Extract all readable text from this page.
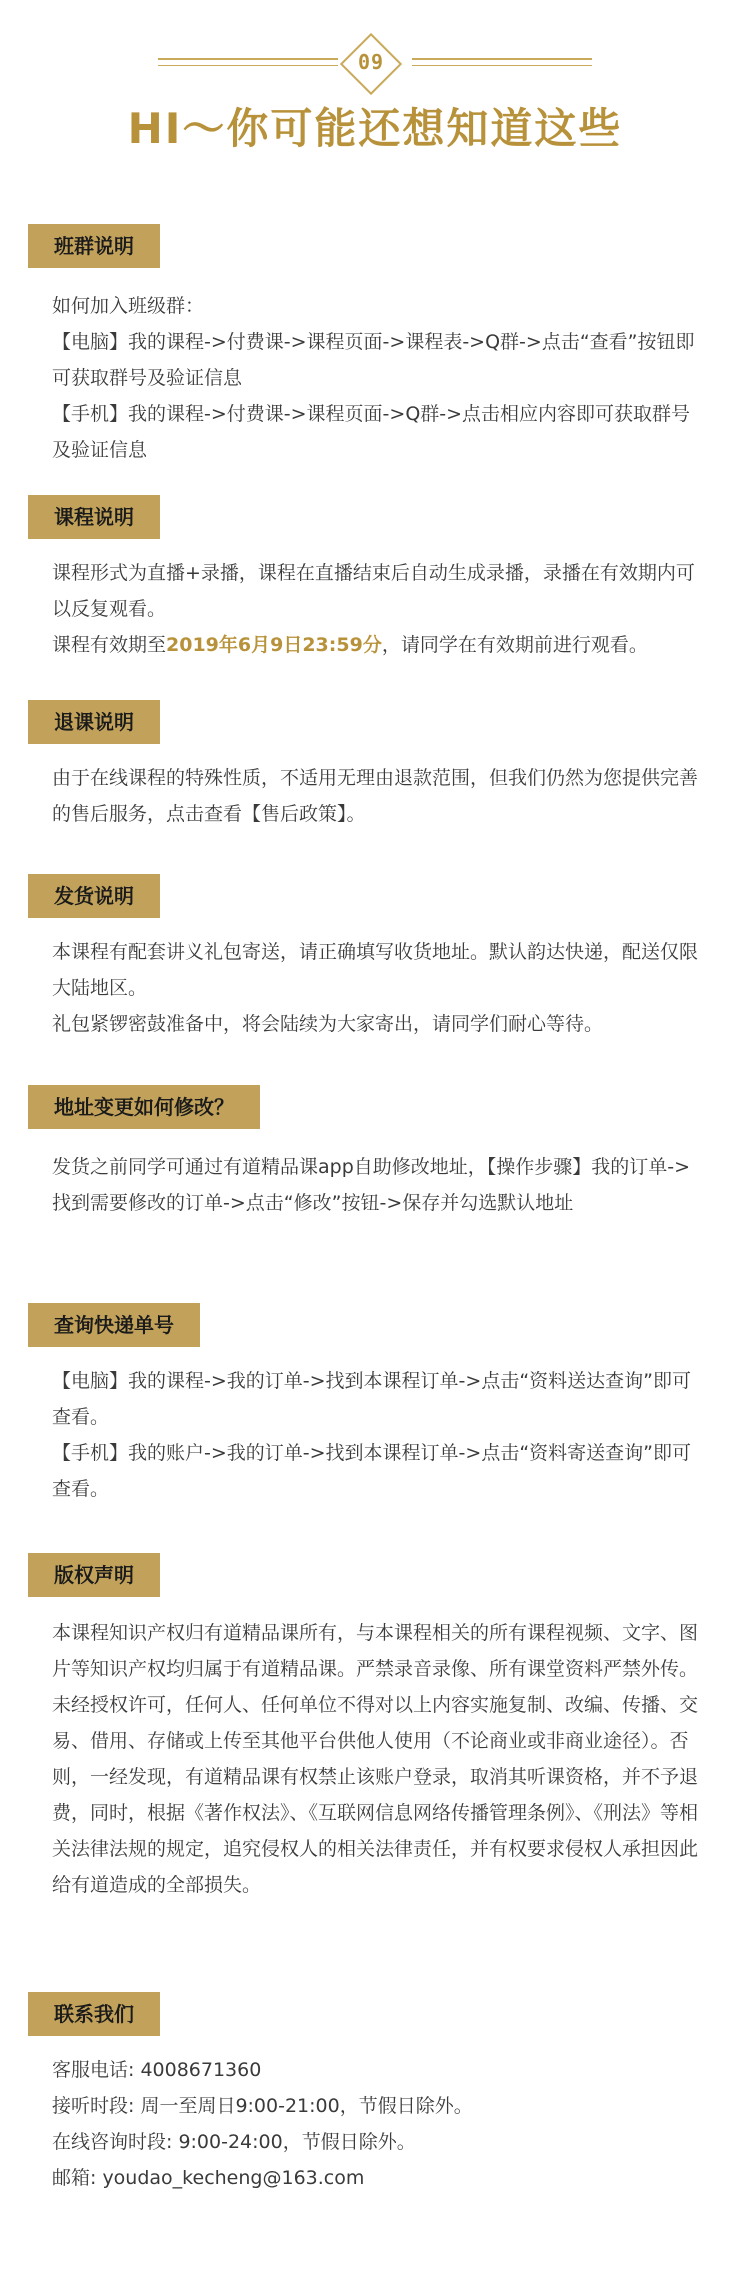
09
HI～你可能还想知道这些
班群说明

如何加入班级群：

【电脑】我的课程->付费课->课程页面->课程表->Q群->点击“查看”按钮即可获取群号及验证信息

【手机】我的课程->付费课->课程页面->Q群->点击相应内容即可获取群号及验证信息

课程说明

课程形式为直播+录播，课程在直播结束后自动生成录播，录播在有效期内可以反复观看。

课程有效期至2019年6月9日23:59分，请同学在有效期前进行观看。

退课说明

由于在线课程的特殊性质，不适用无理由退款范围，但我们仍然为您提供完善的售后服务，点击查看【售后政策】。

发货说明

本课程有配套讲义礼包寄送，请正确填写收货地址。默认韵达快递，配送仅限大陆地区。

礼包紧锣密鼓准备中，将会陆续为大家寄出，请同学们耐心等待。

地址变更如何修改？

发货之前同学可通过有道精品课app自助修改地址，【操作步骤】我的订单->找到需要修改的订单->点击“修改”按钮->保存并勾选默认地址

查询快递单号

【电脑】我的课程->我的订单->找到本课程订单->点击“资料送达查询”即可查看。

【手机】我的账户->我的订单->找到本课程订单->点击“资料寄送查询”即可查看。

版权声明

本课程知识产权归有道精品课所有，与本课程相关的所有课程视频、文字、图片等知识产权均归属于有道精品课。严禁录音录像、所有课堂资料严禁外传。未经授权许可，任何人、任何单位不得对以上内容实施复制、改编、传播、交易、借用、存储或上传至其他平台供他人使用（不论商业或非商业途径）。否则，一经发现，有道精品课有权禁止该账户登录，取消其听课资格，并不予退费，同时，根据《著作权法》、《互联网信息网络传播管理条例》、《刑法》等相关法律法规的规定，追究侵权人的相关法律责任，并有权要求侵权人承担因此给有道造成的全部损失。

联系我们

客服电话: 4008671360

接听时段: 周一至周日9:00-21:00，节假日除外。

在线咨询时段: 9:00-24:00，节假日除外。

邮箱: youdao_kecheng@163.com
